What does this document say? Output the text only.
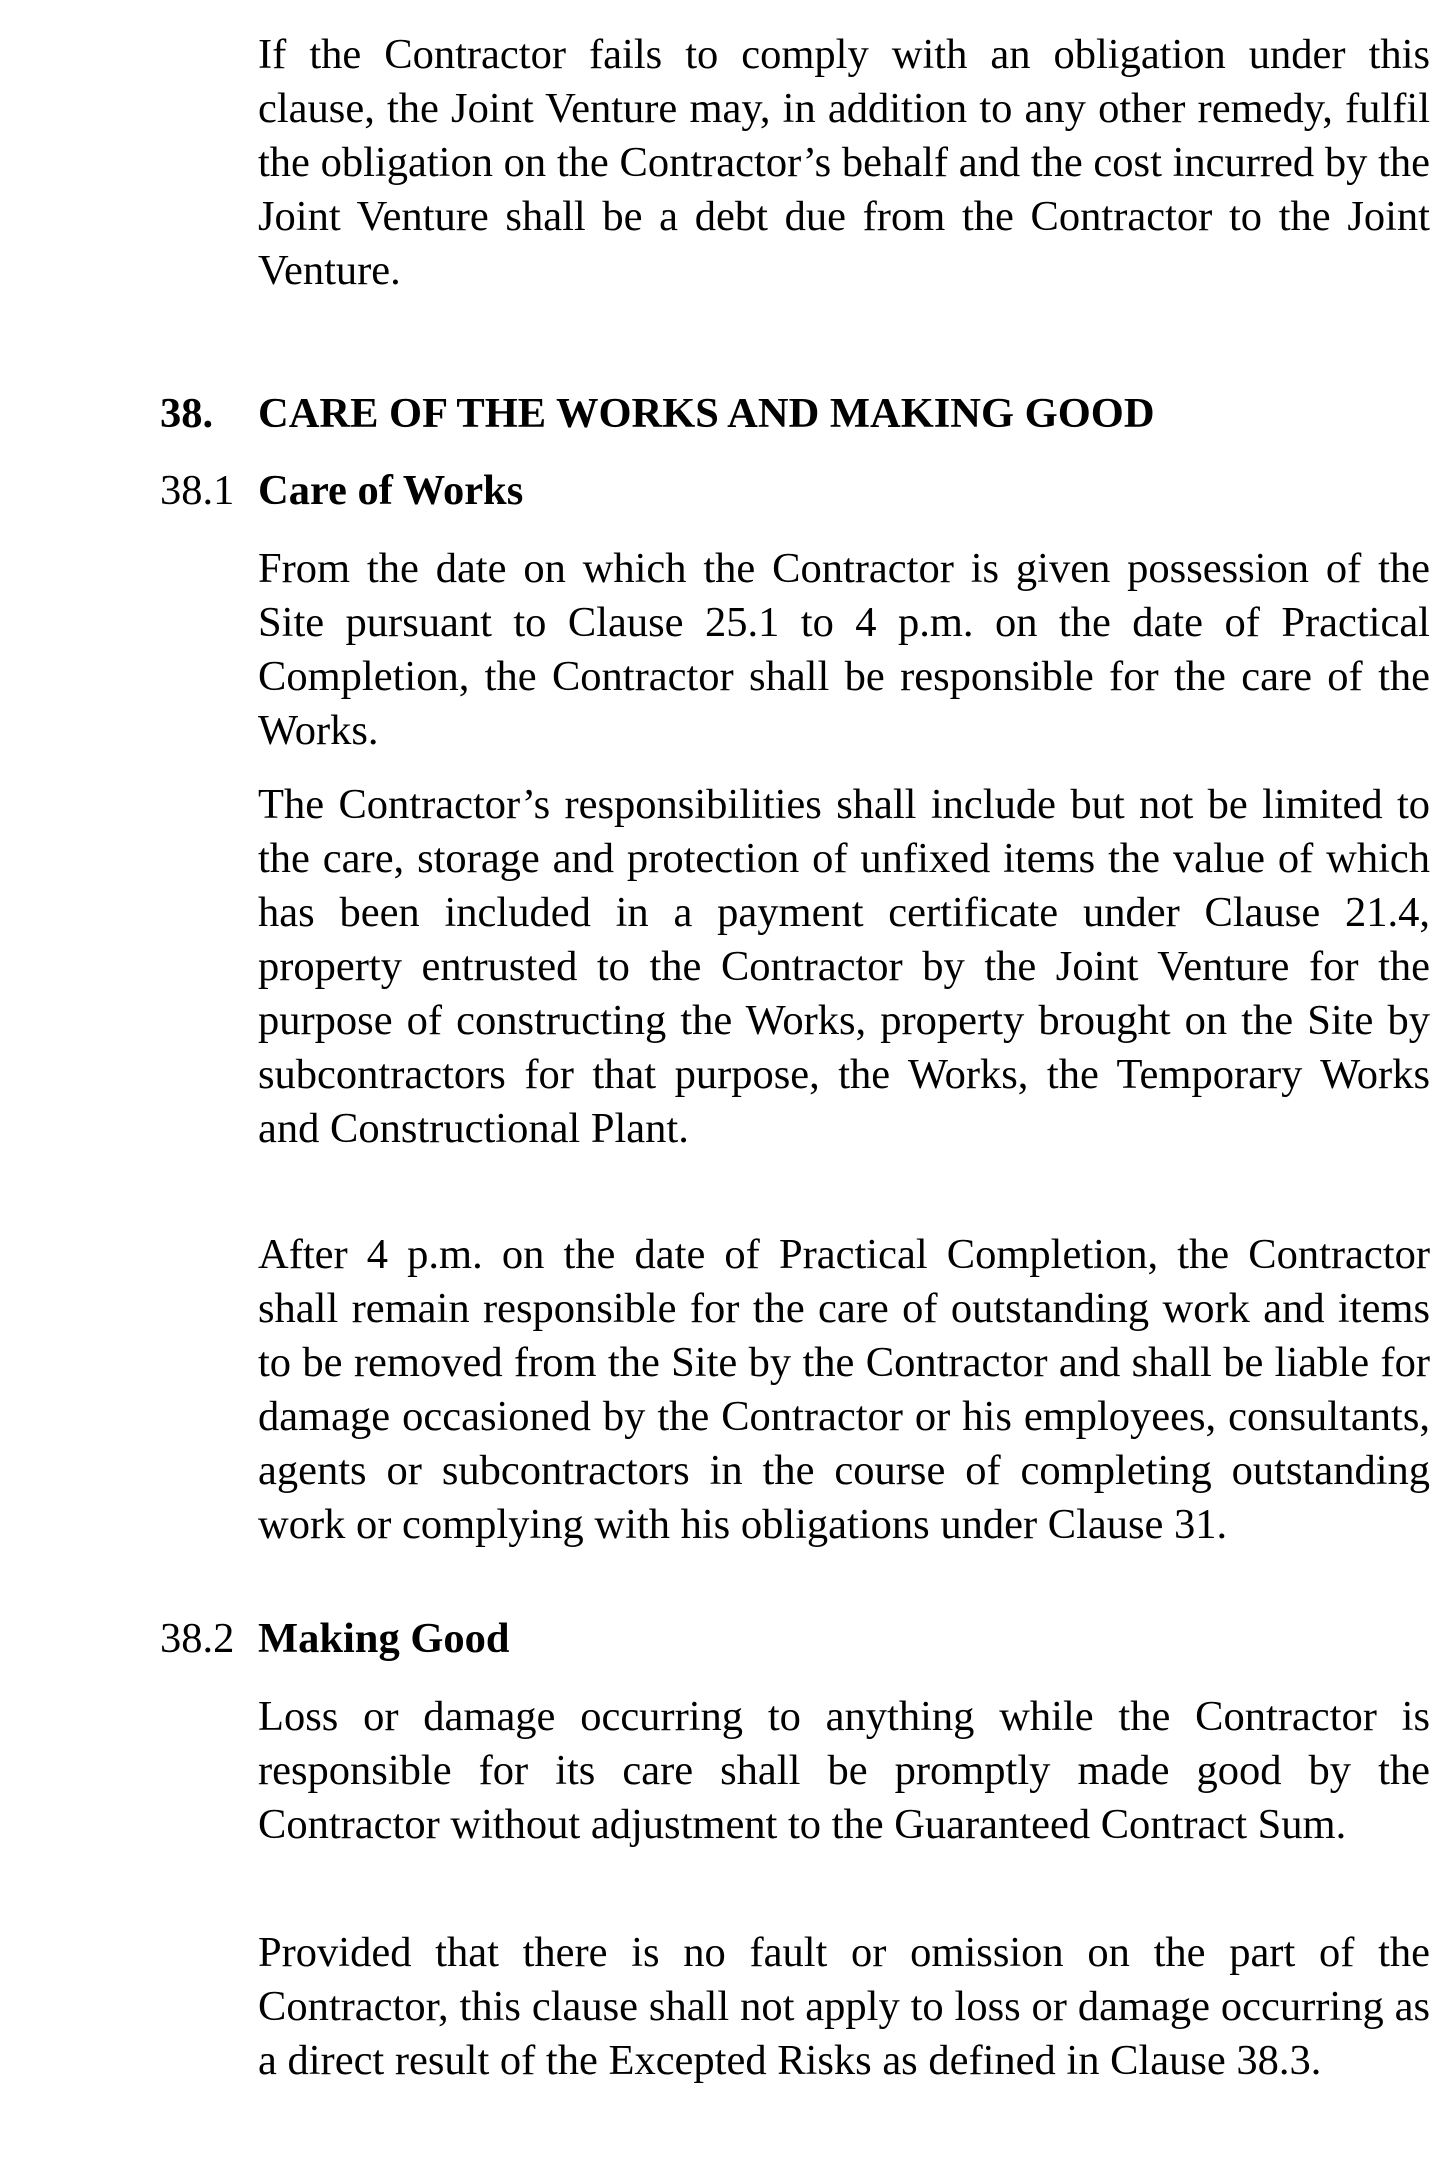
If the Contractor fails to comply with an obligation under this clause, the Joint Venture may, in addition to any other remedy, fulfil the obligation on the Contractor’s behalf and the cost incurred by the Joint Venture shall be a debt due from the Contractor to the Joint Venture.

38. CARE OF THE WORKS AND MAKING GOOD
38.1 Care of Works

From the date on which the Contractor is given possession of the Site pursuant to Clause 25.1 to 4 p.m. on the date of Practical Completion, the Contractor shall be responsible for the care of the Works.

The Contractor’s responsibilities shall include but not be limited to the care, storage and protection of unfixed items the value of which has been included in a payment certificate under Clause 21.4, property entrusted to the Contractor by the Joint Venture for the purpose of constructing the Works, property brought on the Site by subcontractors for that purpose, the Works, the Temporary Works and Constructional Plant.

After 4 p.m. on the date of Practical Completion, the Contractor shall remain responsible for the care of outstanding work and items to be removed from the Site by the Contractor and shall be liable for damage occasioned by the Contractor or his employees, consultants, agents or subcontractors in the course of completing outstanding work or complying with his obligations under Clause 31.

38.2 Making Good

Loss or damage occurring to anything while the Contractor is responsible for its care shall be promptly made good by the Contractor without adjustment to the Guaranteed Contract Sum.

Provided that there is no fault or omission on the part of the Contractor, this clause shall not apply to loss or damage occurring as a direct result of the Excepted Risks as defined in Clause 38.3.
